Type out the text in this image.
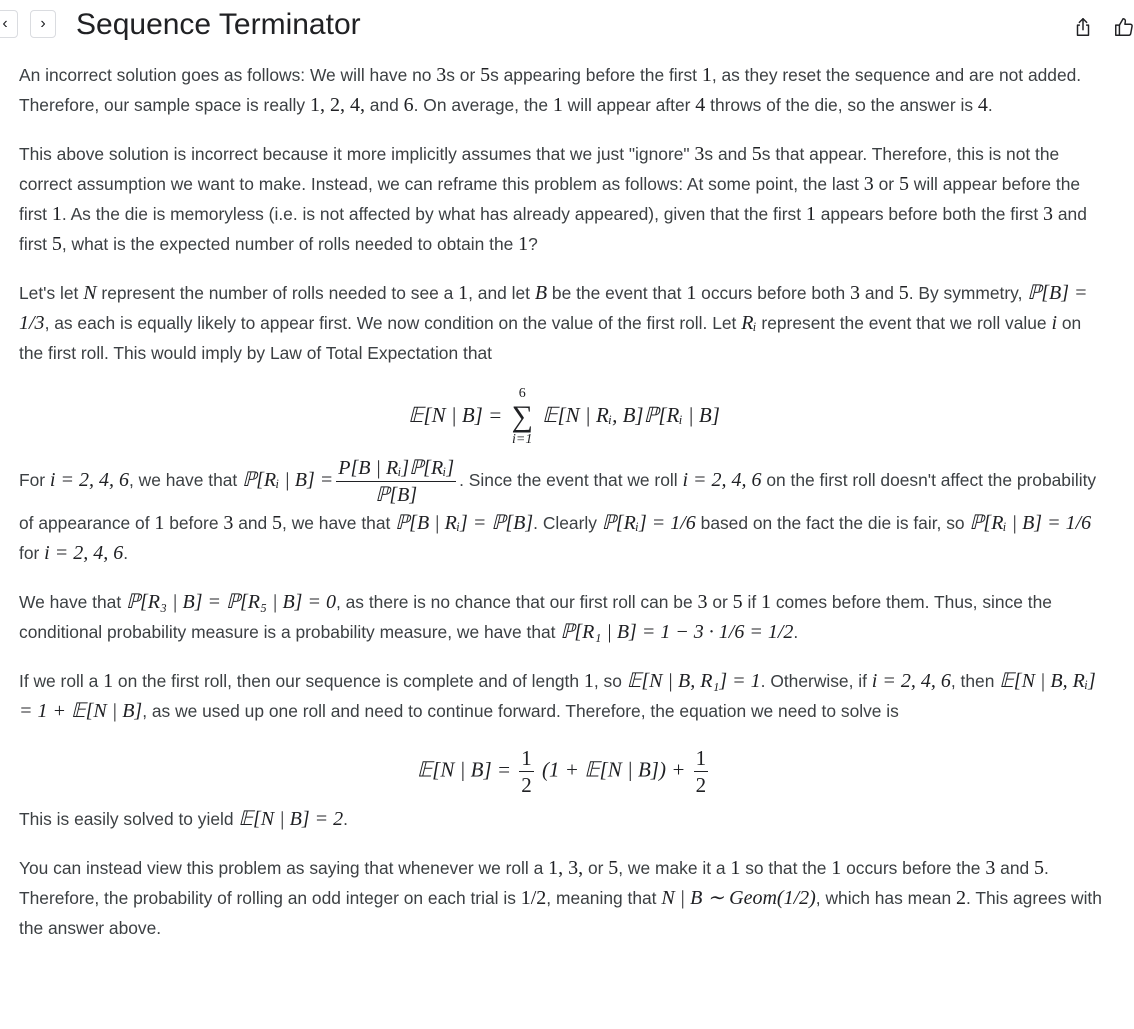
‹	›	Sequence Terminator

An incorrect solution goes as follows: We will have no 3s or 5s appearing before the first 1, as they reset the sequence and are not added. Therefore, our sample space is really 1, 2, 4, and 6. On average, the 1 will appear after 4 throws of the die, so the answer is 4.

This above solution is incorrect because it more implicitly assumes that we just "ignore" 3s and 5s that appear. Therefore, this is not the correct assumption we want to make. Instead, we can reframe this problem as follows: At some point, the last 3 or 5 will appear before the first 1. As the die is memoryless (i.e. is not affected by what has already appeared), given that the first 1 appears before both the first 3 and first 5, what is the expected number of rolls needed to obtain the 1?

Let's let N represent the number of rolls needed to see a 1, and let B be the event that 1 occurs before both 3 and 5. By symmetry, ℙ[B] = 1/3, as each is equally likely to appear first. We now condition on the value of the first roll. Let Rᵢ represent the event that we roll value i on the first roll. This would imply by Law of Total Expectation that

𝔼[N | B] =
6
∑
i=1
𝔼[N | Rᵢ, B]ℙ[Rᵢ | B]

For i = 2, 4, 6, we have that ℙ[Rᵢ | $B] = \frac{\text{P[B | Rᵢ]ℙ[Rᵢ]}}{\text{ℙ[B]}}$ . Since the event that we roll i = 2, 4, 6 on the first roll doesn't affect the probability of appearance of 1 before 3 and 5, we have that ℙ[B | Rᵢ] = ℙ[B]. Clearly ℙ[Rᵢ] = 1/6 based on the fact the die is fair, so ℙ[Rᵢ | B] = 1/6 for i = 2, 4, 6.

We have that ℙ[R₃ | B] = ℙ[R₅ | B] = 0, as there is no chance that our first roll can be 3 or 5 if 1 comes before them. Thus, since the conditional probability measure is a probability measure, we have that ℙ[R₁ | B] = 1 − 3 · 1/6 = 1/2.

If we roll a 1 on the first roll, then our sequence is complete and of length 1, so 𝔼[N | B, R₁] = 1. Otherwise, if i = 2, 4, 6, then 𝔼[N | B, Rᵢ] = 1 + 𝔼[N | B], as we used up one roll and need to continue forward. Therefore, the equation we need to solve is

𝔼[N | $B] = \frac{1}{2} (1$ + 𝔼[N | $B]) + \frac{1}{2}$

This is easily solved to yield 𝔼[N | B] = 2.

You can instead view this problem as saying that whenever we roll a 1, 3, or 5, we make it a 1 so that the 1 occurs before the 3 and 5. Therefore, the probability of rolling an odd integer on each trial is 1/2, meaning that N | B ∼ Geom(1/2), which has mean 2. This agrees with the answer above.
